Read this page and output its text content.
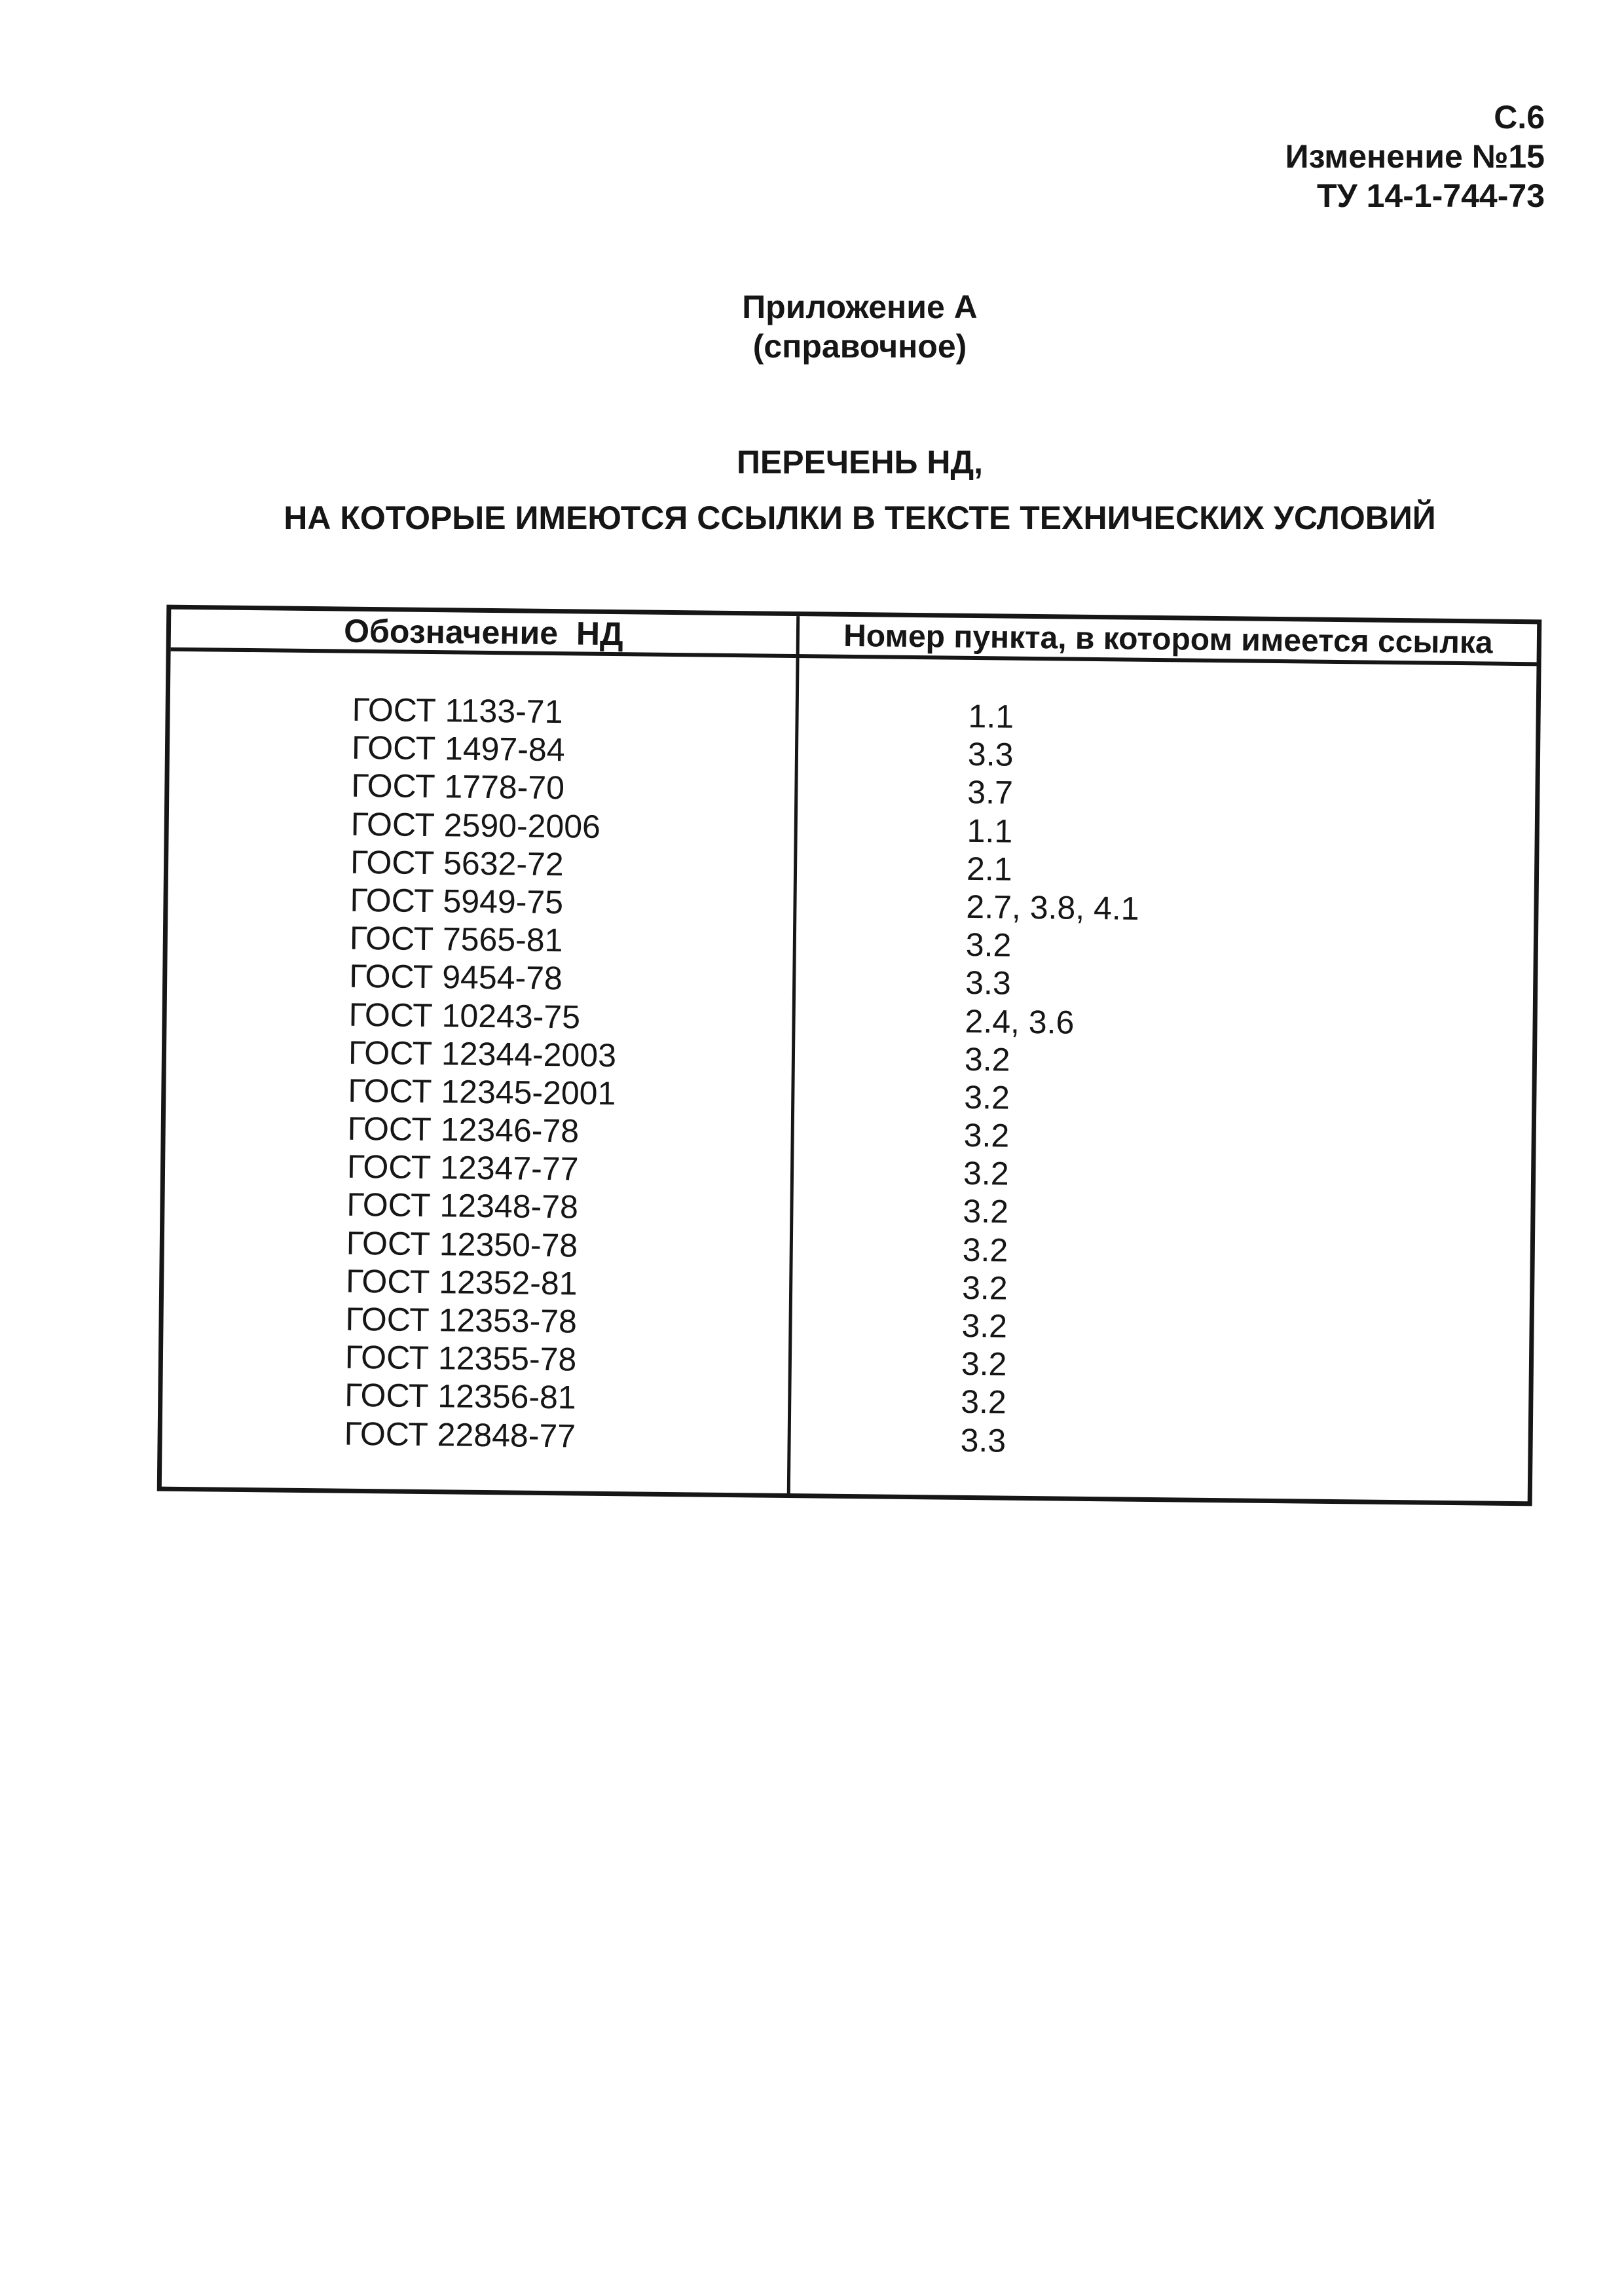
С.6
Изменение №15
ТУ 14-1-744-73
Приложение А
(справочное)
ПЕРЕЧЕНЬ НД,
НА КОТОРЫЕ ИМЕЮТСЯ ССЫЛКИ В ТЕКСТЕ ТЕХНИЧЕСКИХ УСЛОВИЙ
Обозначение НД	Номер пункта, в котором имеется ссылка
ГОСТ 1133-71	1.1
ГОСТ 1497-84	3.3
ГОСТ 1778-70	3.7
ГОСТ 2590-2006	1.1
ГОСТ 5632-72	2.1
ГОСТ 5949-75	2.7, 3.8, 4.1
ГОСТ 7565-81	3.2
ГОСТ 9454-78	3.3
ГОСТ 10243-75	2.4, 3.6
ГОСТ 12344-2003	3.2
ГОСТ 12345-2001	3.2
ГОСТ 12346-78	3.2
ГОСТ 12347-77	3.2
ГОСТ 12348-78	3.2
ГОСТ 12350-78	3.2
ГОСТ 12352-81	3.2
ГОСТ 12353-78	3.2
ГОСТ 12355-78	3.2
ГОСТ 12356-81	3.2
ГОСТ 22848-77	3.3
